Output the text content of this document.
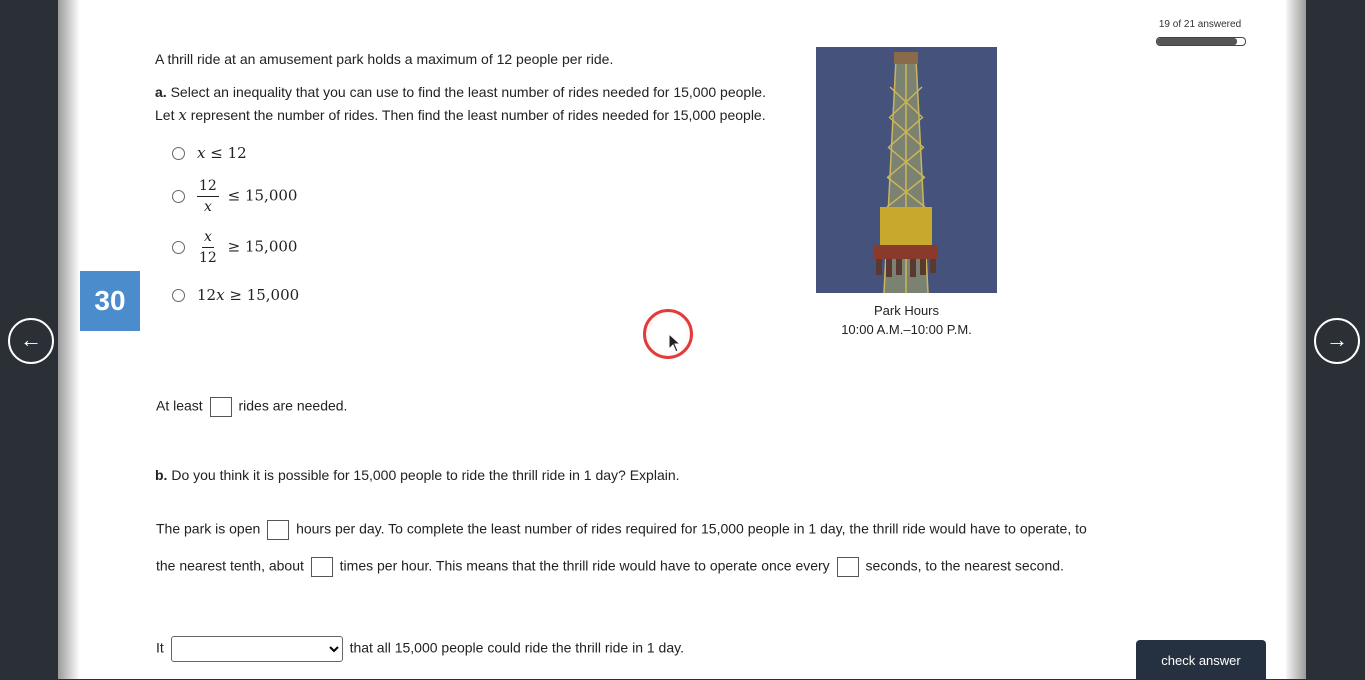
←	→
30
19 of 21 answered
A thrill ride at an amusement park holds a maximum of 12 people per ride.
a. Select an inequality that you can use to find the least number of rides needed for 15,000 people.
Let x represent the number of rides. Then find the least number of rides needed for 15,000 people.
x ≤ 12
$\frac{12}{x} \le 15,000$
$\frac{x}{12} \ge 15,000$
12x ≥ 15,000
Park Hours
10:00 A.M.–10:00 P.M.
At least	rides are needed.
b. Do you think it is possible for 15,000 people to ride the thrill ride in 1 day? Explain.
The park is open	hours per day. To complete the least number of rides required for 15,000 people in 1 day, the thrill ride would have to operate, to
the nearest tenth, about	times per hour. This means that the thrill ride would have to operate once every	seconds, to the nearest second.
It	that all 15,000 people could ride the thrill ride in 1 day.
check answer
